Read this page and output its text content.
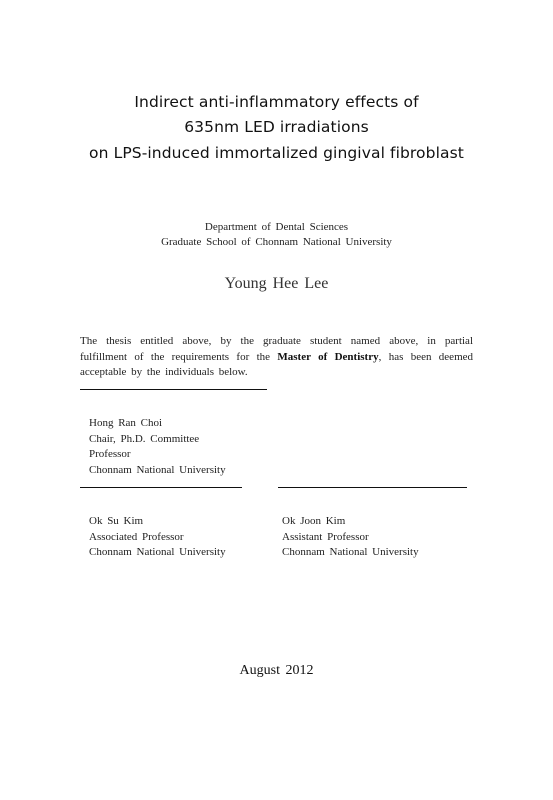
Indirect anti-inflammatory effects of
635nm LED irradiations
on LPS-induced immortalized gingival fibroblast
Department of Dental Sciences
Graduate School of Chonnam National University
Young Hee Lee
The thesis entitled above, by the graduate student named above, in partial fulfillment of the requirements for the Master of Dentistry, has been deemed acceptable by the individuals below.
Hong Ran Choi
Chair, Ph.D. Committee
Professor
Chonnam National University
Ok Su Kim
Associated Professor
Chonnam National University
Ok Joon Kim
Assistant Professor
Chonnam National University
August 2012
